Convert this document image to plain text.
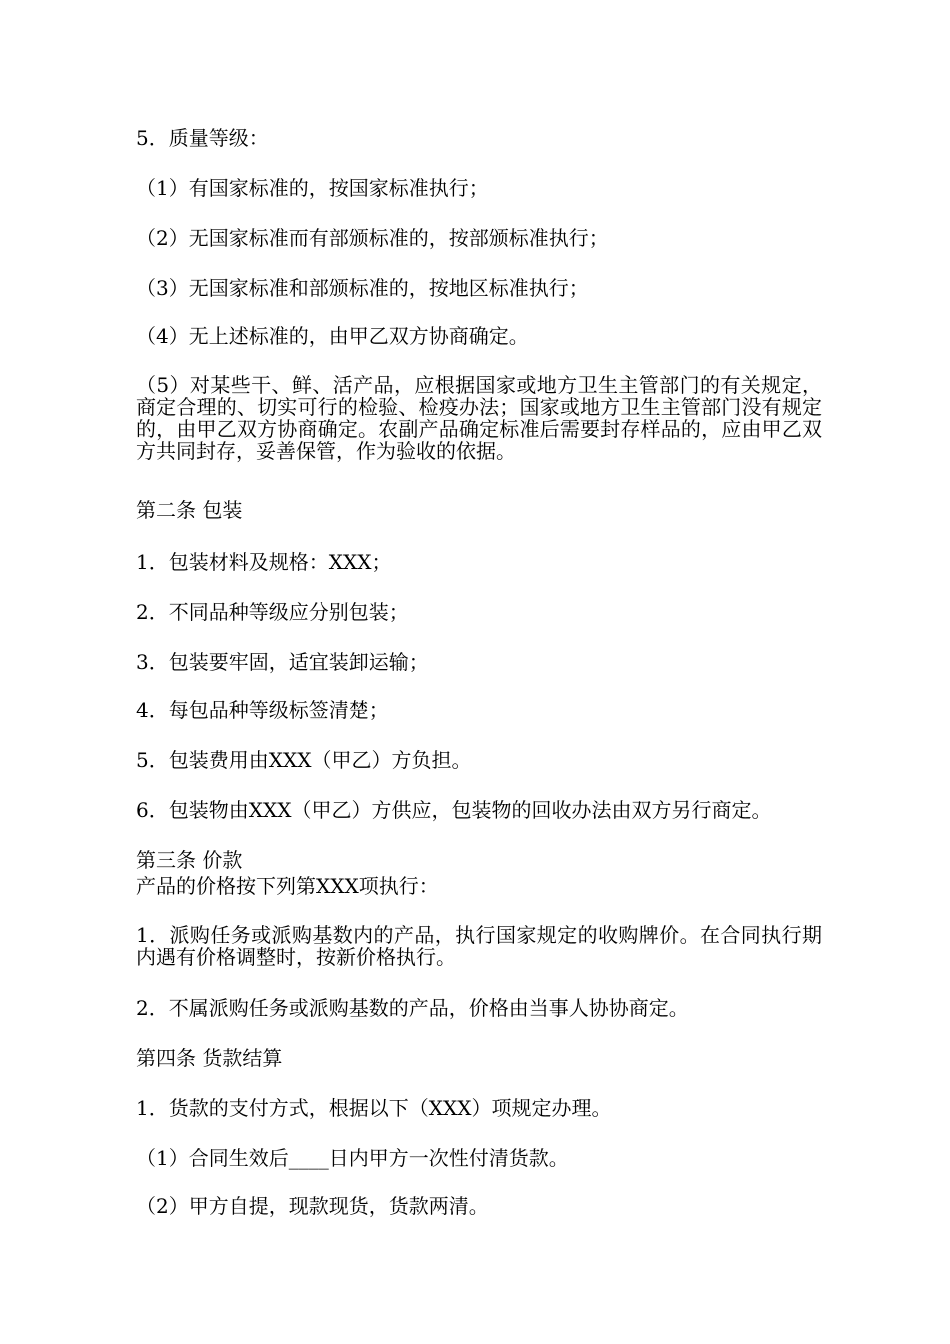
5．质量等级：

（1）有国家标准的，按国家标准执行；

（2）无国家标准而有部颁标准的，按部颁标准执行；

（3）无国家标准和部颁标准的，按地区标准执行；

（4）无上述标准的，由甲乙双方协商确定。

（5）对某些干、鲜、活产品，应根据国家或地方卫生主管部门的有关规定，商定合理的、切实可行的检验、检疫办法；国家或地方卫生主管部门没有规定的，由甲乙双方协商确定。农副产品确定标准后需要封存样品的，应由甲乙双方共同封存，妥善保管，作为验收的依据。

第二条 包装

1．包装材料及规格：XXX；

2．不同品种等级应分别包装；

3．包装要牢固，适宜装卸运输；

4．每包品种等级标签清楚；

5．包装费用由XXX（甲乙）方负担。

6．包装物由XXX（甲乙）方供应，包装物的回收办法由双方另行商定。

第三条 价款

产品的价格按下列第XXX项执行：

1．派购任务或派购基数内的产品，执行国家规定的收购牌价。在合同执行期内遇有价格调整时，按新价格执行。

2．不属派购任务或派购基数的产品，价格由当事人协协商定。

第四条 货款结算

1．货款的支付方式，根据以下（XXX）项规定办理。

（1）合同生效后____日内甲方一次性付清货款。

（2）甲方自提，现款现货，货款两清。
